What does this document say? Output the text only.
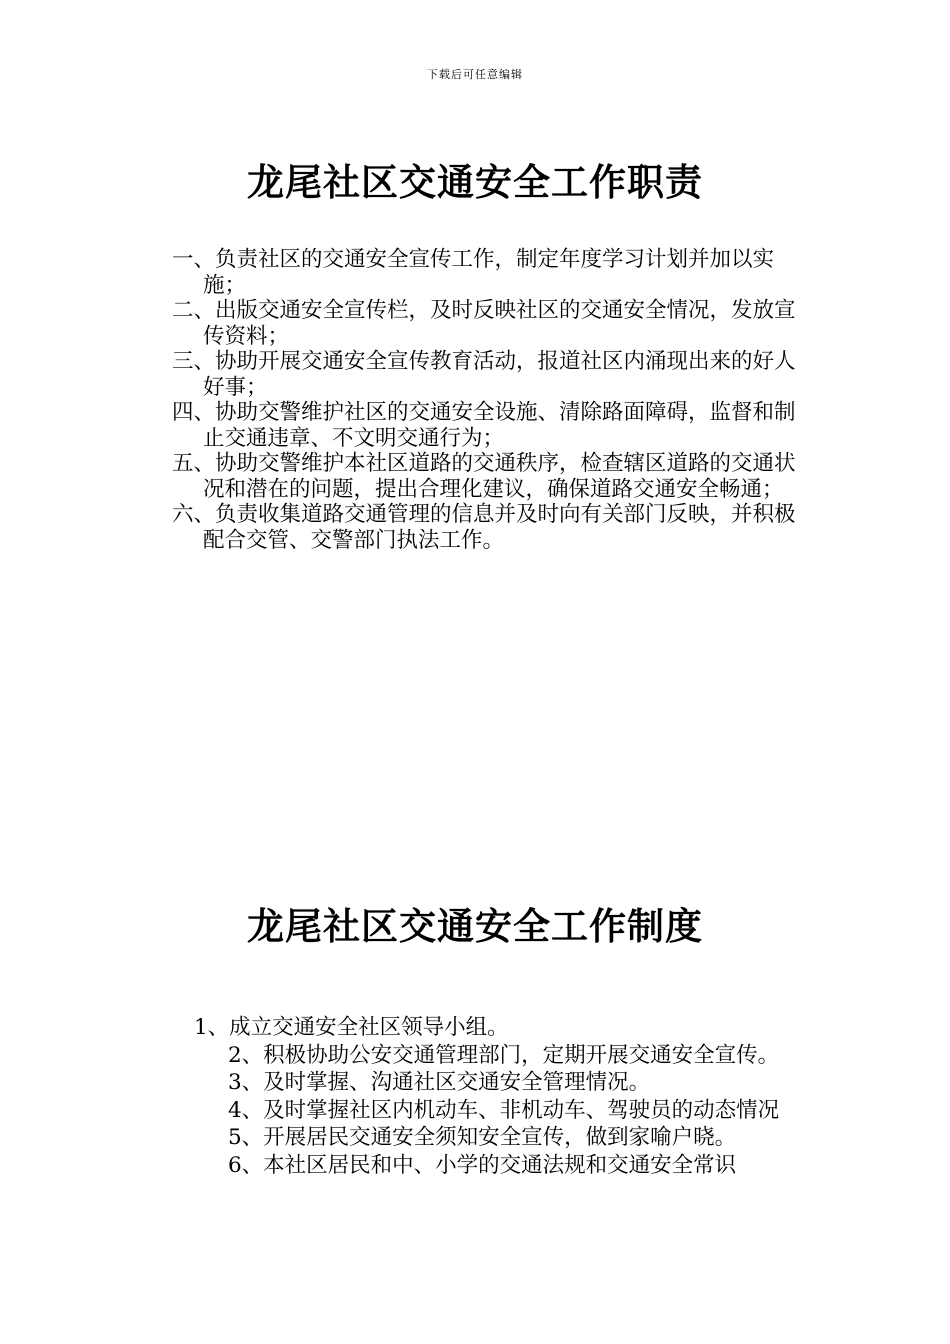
下载后可任意编辑
龙尾社区交通安全工作职责
一、负责社区的交通安全宣传工作，制定年度学习计划并加以实施；
二、出版交通安全宣传栏，及时反映社区的交通安全情况，发放宣传资料；
三、协助开展交通安全宣传教育活动，报道社区内涌现出来的好人好事；
四、协助交警维护社区的交通安全设施、清除路面障碍，监督和制止交通违章、不文明交通行为；
五、协助交警维护本社区道路的交通秩序，检查辖区道路的交通状况和潜在的问题，提出合理化建议，确保道路交通安全畅通；
六、负责收集道路交通管理的信息并及时向有关部门反映，并积极配合交管、交警部门执法工作。
龙尾社区交通安全工作制度
1、成立交通安全社区领导小组。
2、积极协助公安交通管理部门，定期开展交通安全宣传。
3、及时掌握、沟通社区交通安全管理情况。
4、及时掌握社区内机动车、非机动车、驾驶员的动态情况
5、开展居民交通安全须知安全宣传，做到家喻户晓。
6、本社区居民和中、小学的交通法规和交通安全常识
